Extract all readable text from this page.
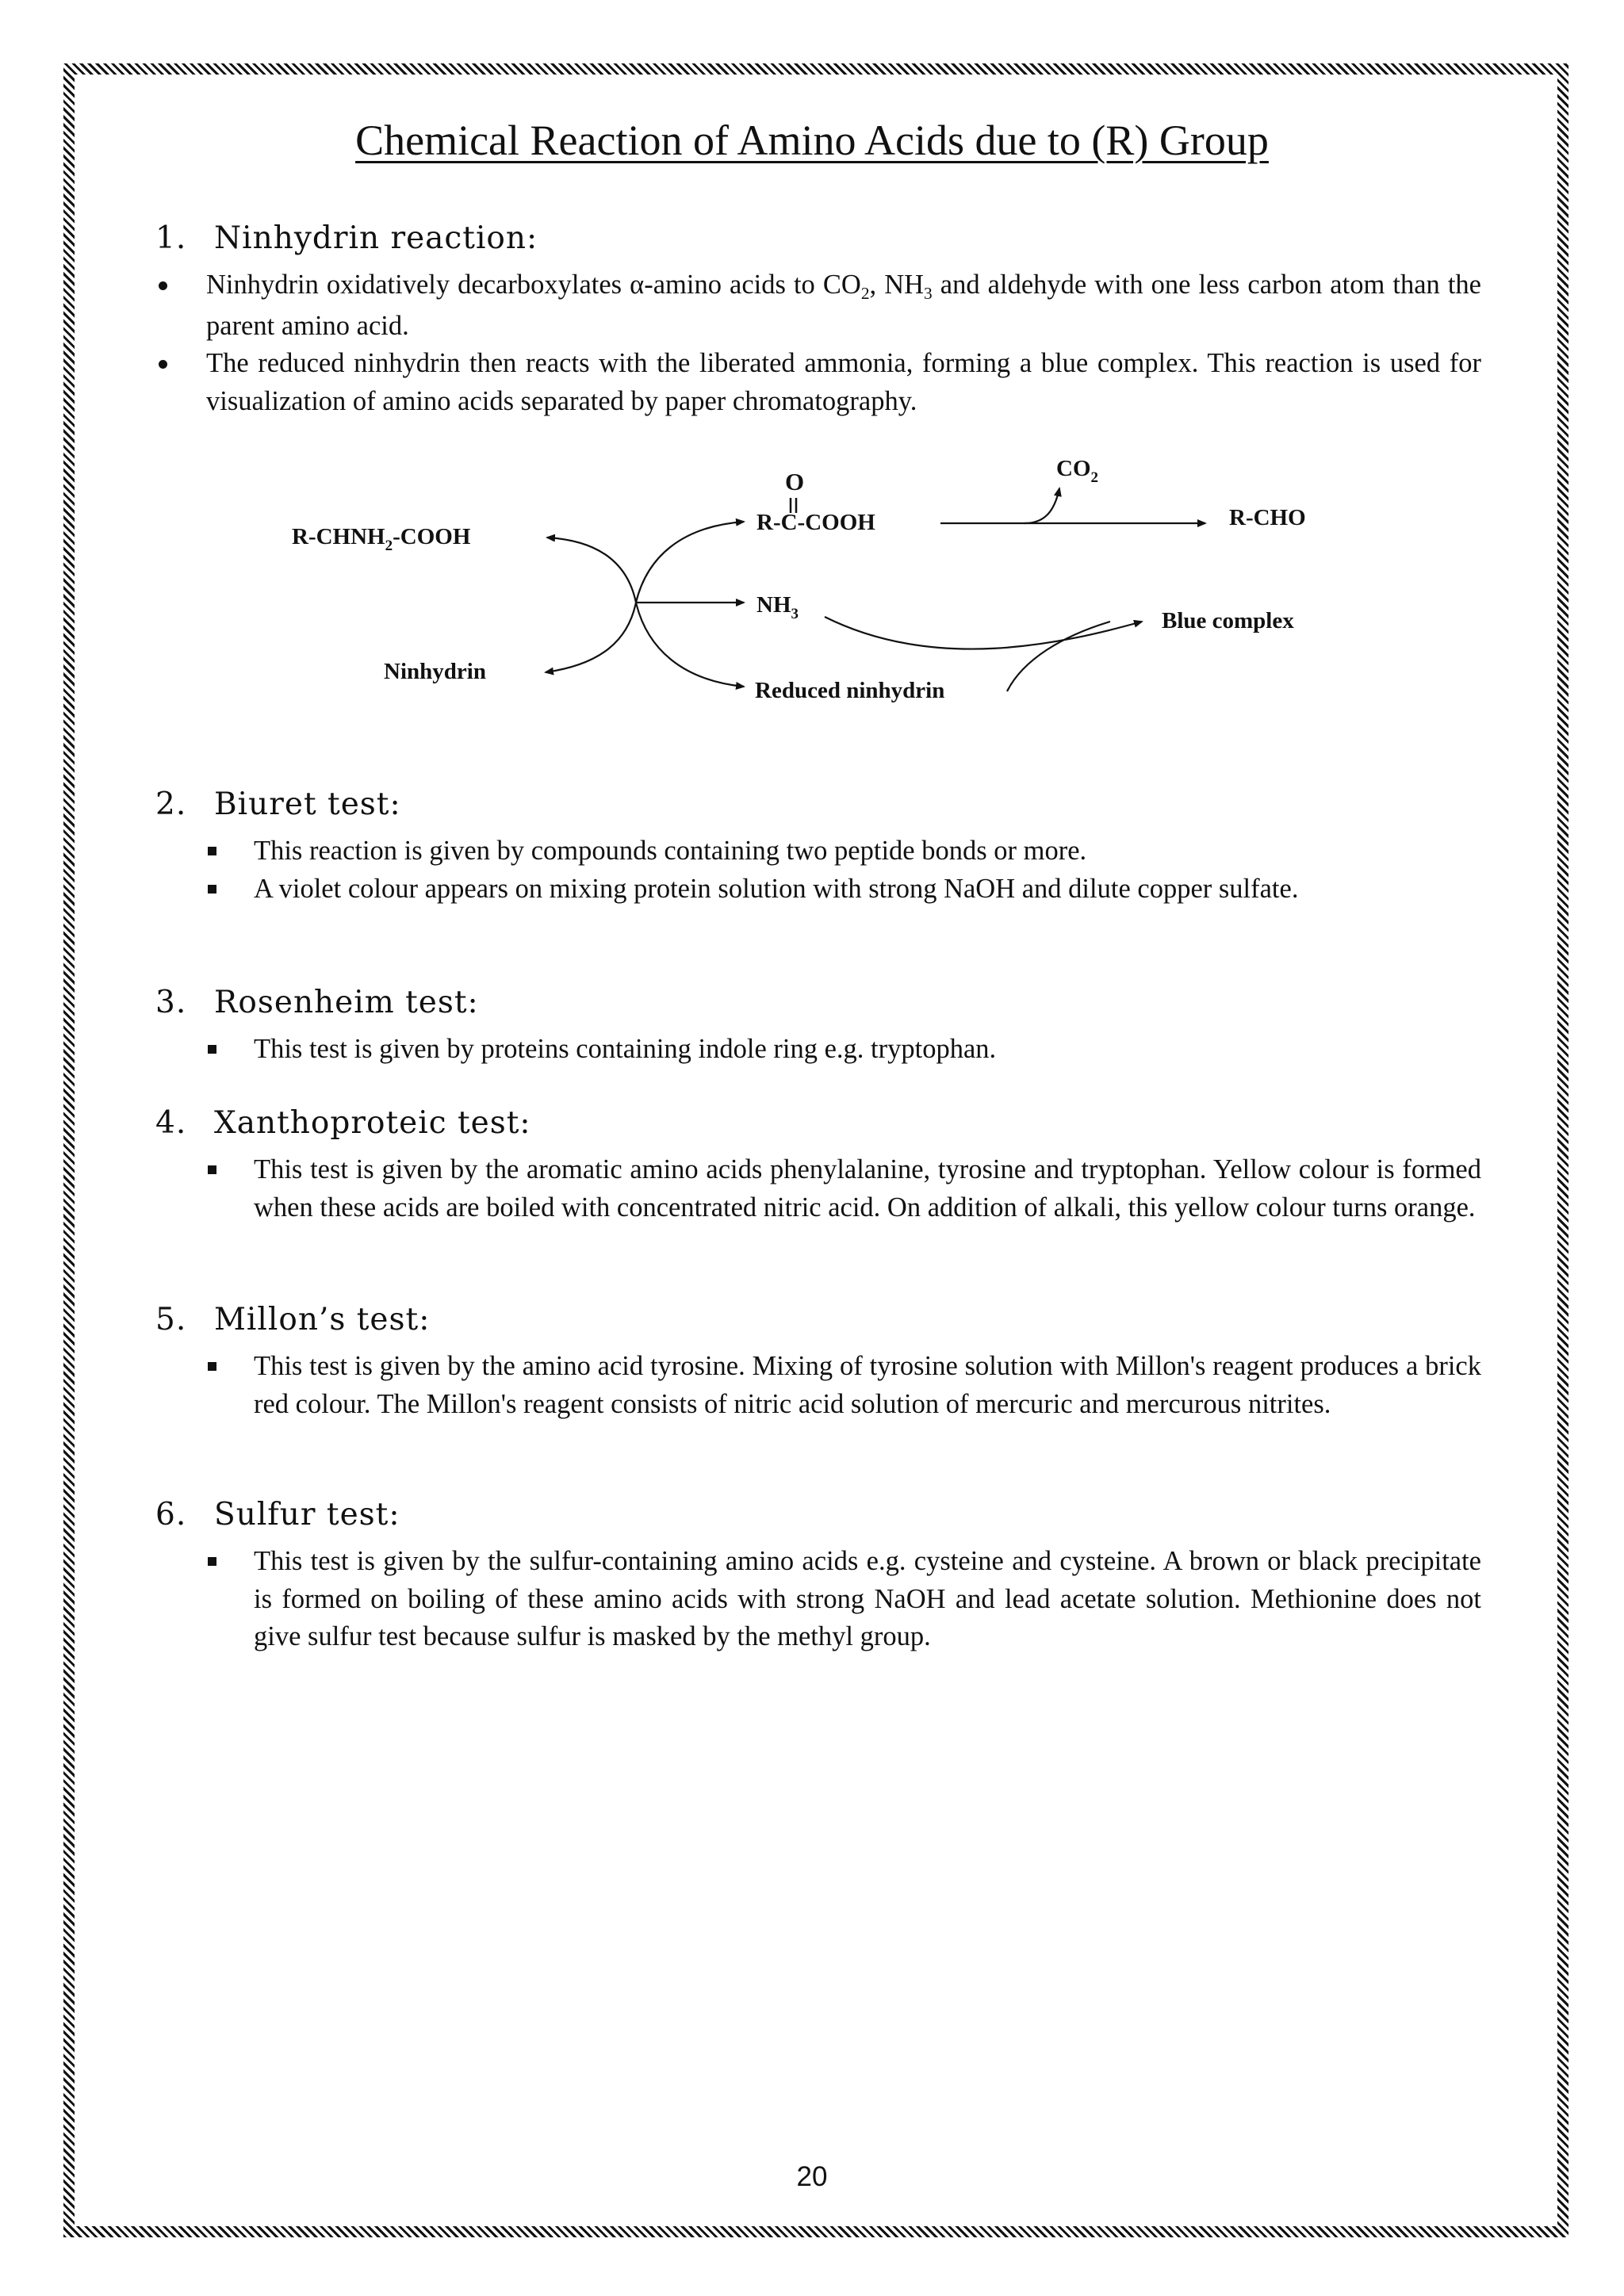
Chemical Reaction of Amino Acids due to (R) Group
1. Ninhydrin reaction:
Ninhydrin oxidatively decarboxylates α-amino acids to CO2, NH3 and aldehyde with one less carbon atom than the parent amino acid.
The reduced ninhydrin then reacts with the liberated ammonia, forming a blue complex. This reaction is used for visualization of amino acids separated by paper chromatography.
$R-CHNH_2$-COOH
Ninhydrin
O
R-C-COOH
$CO_2$
R-CHO
$NH_3$	Blue complex
Reduced ninhydrin
2. Biuret test:
This reaction is given by compounds containing two peptide bonds or more.
A violet colour appears on mixing protein solution with strong NaOH and dilute copper sulfate.
3. Rosenheim test:
This test is given by proteins containing indole ring e.g. tryptophan.
4. Xanthoproteic test:
This test is given by the aromatic amino acids phenylalanine, tyrosine and tryptophan. Yellow colour is formed when these acids are boiled with concentrated nitric acid. On addition of alkali, this yellow colour turns orange.
5. Millon’s test:
This test is given by the amino acid tyrosine. Mixing of tyrosine solution with Millon's reagent produces a brick red colour. The Millon's reagent consists of nitric acid solution of mercuric and mercurous nitrites.
6. Sulfur test:
This test is given by the sulfur-containing amino acids e.g. cysteine and cysteine. A brown or black precipitate is formed on boiling of these amino acids with strong NaOH and lead acetate solution. Methionine does not give sulfur test because sulfur is masked by the methyl group.
20
